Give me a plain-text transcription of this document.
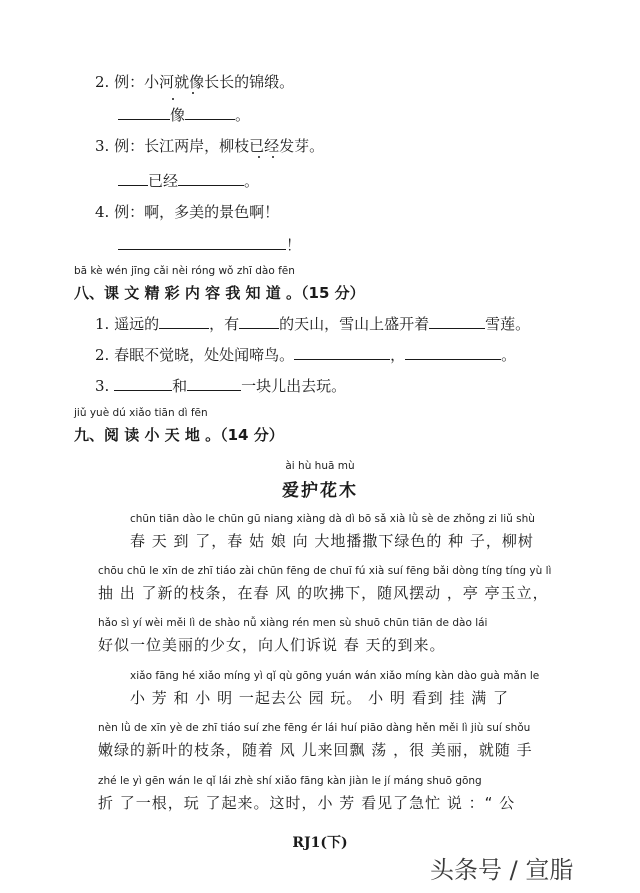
2. 例：小河就像长长的锦缎。
像	。
3. 例：长江两岸，柳枝已经发芽。
已经	。
4. 例：啊，多美的景色啊！
！
bā kè wén jīng cǎi nèi róng wǒ zhī dào fēn
八、课 文 精 彩 内 容 我 知 道 。（15 分）
1. 遥远的	，有	的天山，雪山上盛开着	雪莲。
2. 春眠不觉晓，处处闻啼鸟。	，	。
3.	和	一块儿出去玩。
jiǔ yuè dú xiǎo tiān dì fēn
九、阅 读 小 天 地 。（14 分）
ài hù huā mù
爱护花木
chūn tiān dào le chūn gū niang xiàng dà dì bō sǎ xià lǜ sè de zhǒng zi liǔ shù
春 天 到 了，春 姑 娘 向 大地播撒下绿色的 种 子，柳树
chōu chū le xīn de zhī tiáo zài chūn fēng de chuī fú xià suí fēng bǎi dòng tíng tíng yù lì
抽 出 了新的枝条，在春 风 的吹拂下，随风摆动 ，亭 亭玉立，
hǎo sì yí wèi měi lì de shào nǚ xiàng rén men sù shuō chūn tiān de dào lái
好似一位美丽的少女，向人们诉说 春 天的到来。
xiǎo fāng hé xiǎo míng yì qǐ qù gōng yuán wán xiǎo míng kàn dào guà mǎn le
小 芳 和 小 明 一起去公 园 玩。 小 明 看到 挂 满 了
nèn lǜ de xīn yè de zhī tiáo suí zhe fēng ér lái huí piāo dàng hěn měi lì jiù suí shǒu
嫩绿的新叶的枝条，随着 风 儿来回飘 荡 ，很 美丽，就随 手
zhé le yì gēn wán le qǐ lái zhè shí xiǎo fāng kàn jiàn le jí máng shuō gōng
折 了一根，玩 了起来。这时，小 芳 看见了急忙 说 ：“ 公
RJ1(下)
头条号 / 宣脂
